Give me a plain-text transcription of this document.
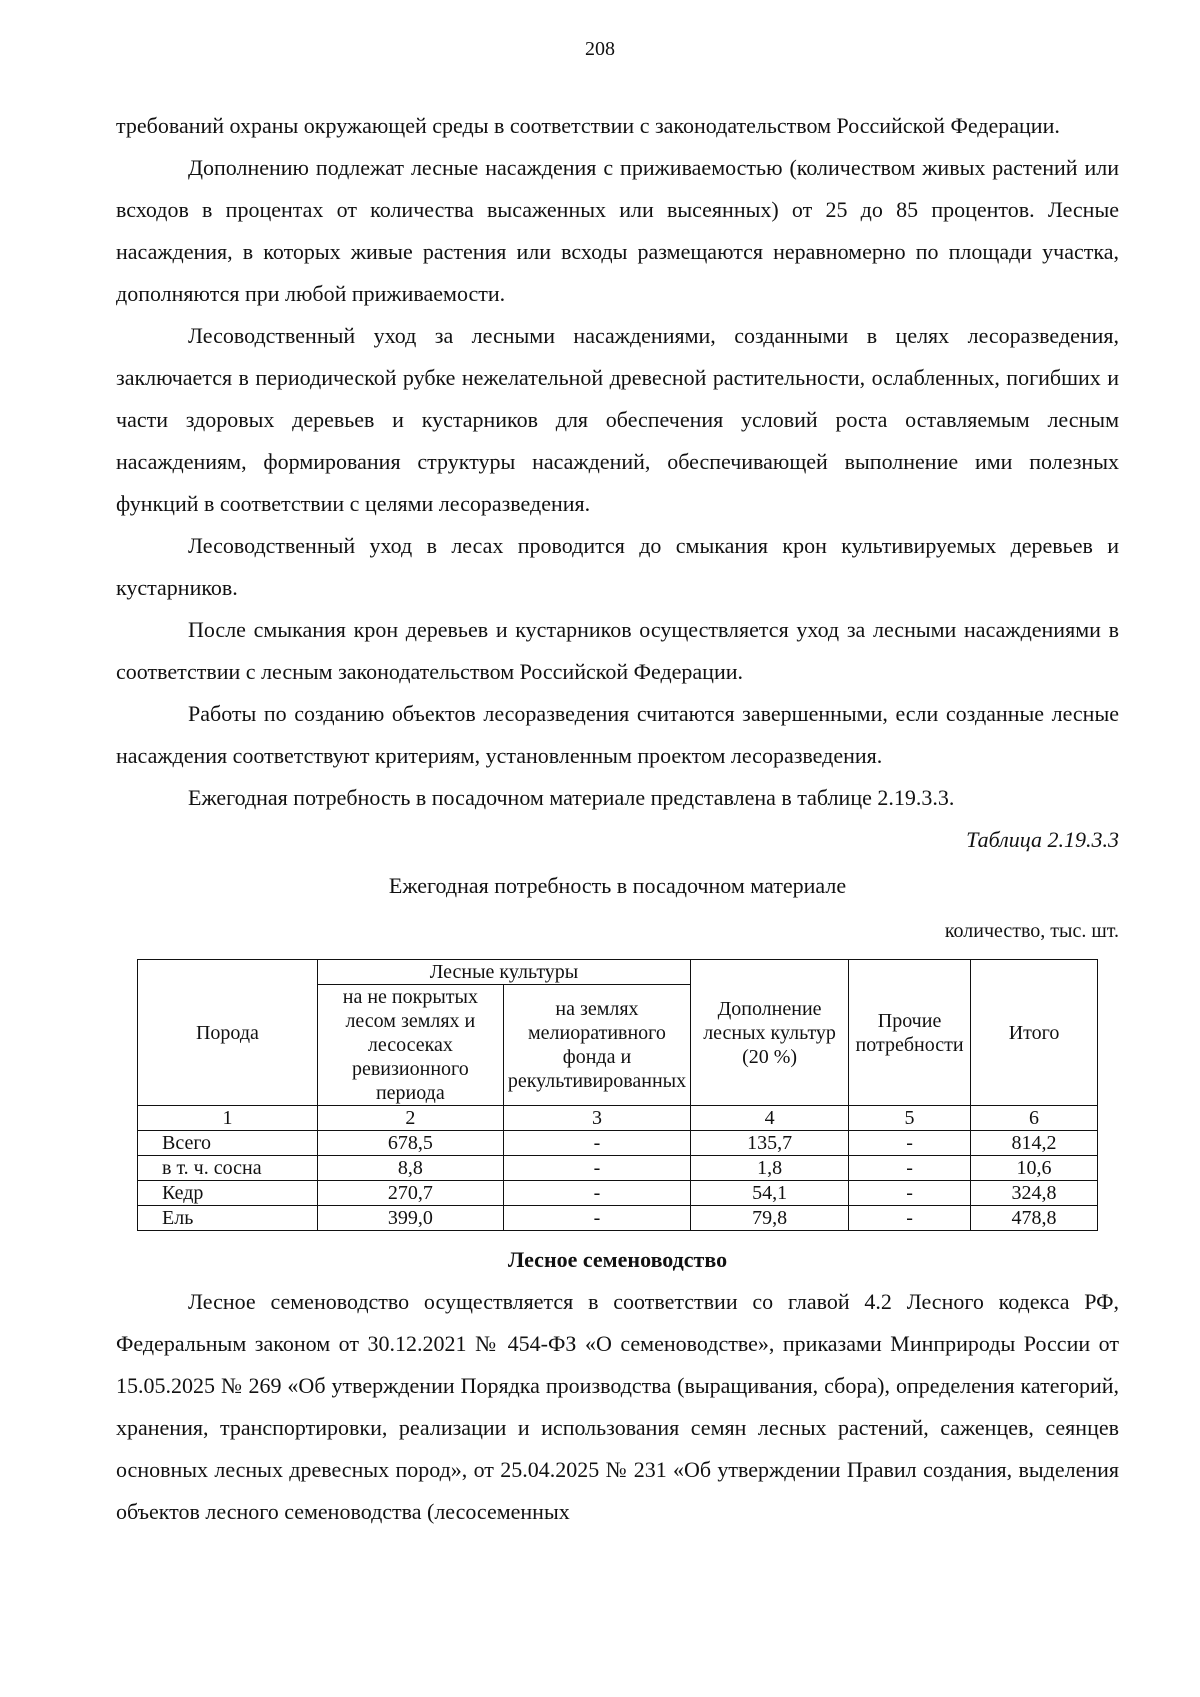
208

требований охраны окружающей среды в соответствии с законодательством Российской Федерации.

Дополнению подлежат лесные насаждения с приживаемостью (количеством живых растений или всходов в процентах от количества высаженных или высеянных) от 25 до 85 процентов. Лесные насаждения, в которых живые растения или всходы размещаются неравномерно по площади участка, дополняются при любой приживаемости.

Лесоводственный уход за лесными насаждениями, созданными в целях лесоразведения, заключается в периодической рубке нежелательной древесной растительности, ослабленных, погибших и части здоровых деревьев и кустарников для обеспечения условий роста оставляемым лесным насаждениям, формирования структуры насаждений, обеспечивающей выполнение ими полезных функций в соответствии с целями лесоразведения.

Лесоводственный уход в лесах проводится до смыкания крон культивируемых деревьев и кустарников.

После смыкания крон деревьев и кустарников осуществляется уход за лесными насаждениями в соответствии с лесным законодательством Российской Федерации.

Работы по созданию объектов лесоразведения считаются завершенными, если созданные лесные насаждения соответствуют критериям, установленным проектом лесоразведения.

Ежегодная потребность в посадочном материале представлена в таблице 2.19.3.3.

Таблица 2.19.3.3

Ежегодная потребность в посадочном материале

количество, тыс. шт.

Порода	Лесные культуры		Дополнение лесных культур (20 %)	Прочие потребности	Итого
	на не покрытых лесом землях и лесосеках ревизионного периода	на землях мелиоративного фонда и рекультивированных			
1	2	3	4	5	6
Всего	678,5	-	135,7	-	814,2
в т. ч. сосна	8,8	-	1,8	-	10,6
Кедр	270,7	-	54,1	-	324,8
Ель	399,0	-	79,8	-	478,8

Лесное семеноводство

Лесное семеноводство осуществляется в соответствии со главой 4.2 Лесного кодекса РФ, Федеральным законом от 30.12.2021 № 454-ФЗ «О семеноводстве», приказами Минприроды России от 15.05.2025 № 269 «Об утверждении Порядка производства (выращивания, сбора), определения категорий, хранения, транспортировки, реализации и использования семян лесных растений, саженцев, сеянцев основных лесных древесных пород», от 25.04.2025 № 231 «Об утверждении Правил создания, выделения объектов лесного семеноводства (лесосеменных
